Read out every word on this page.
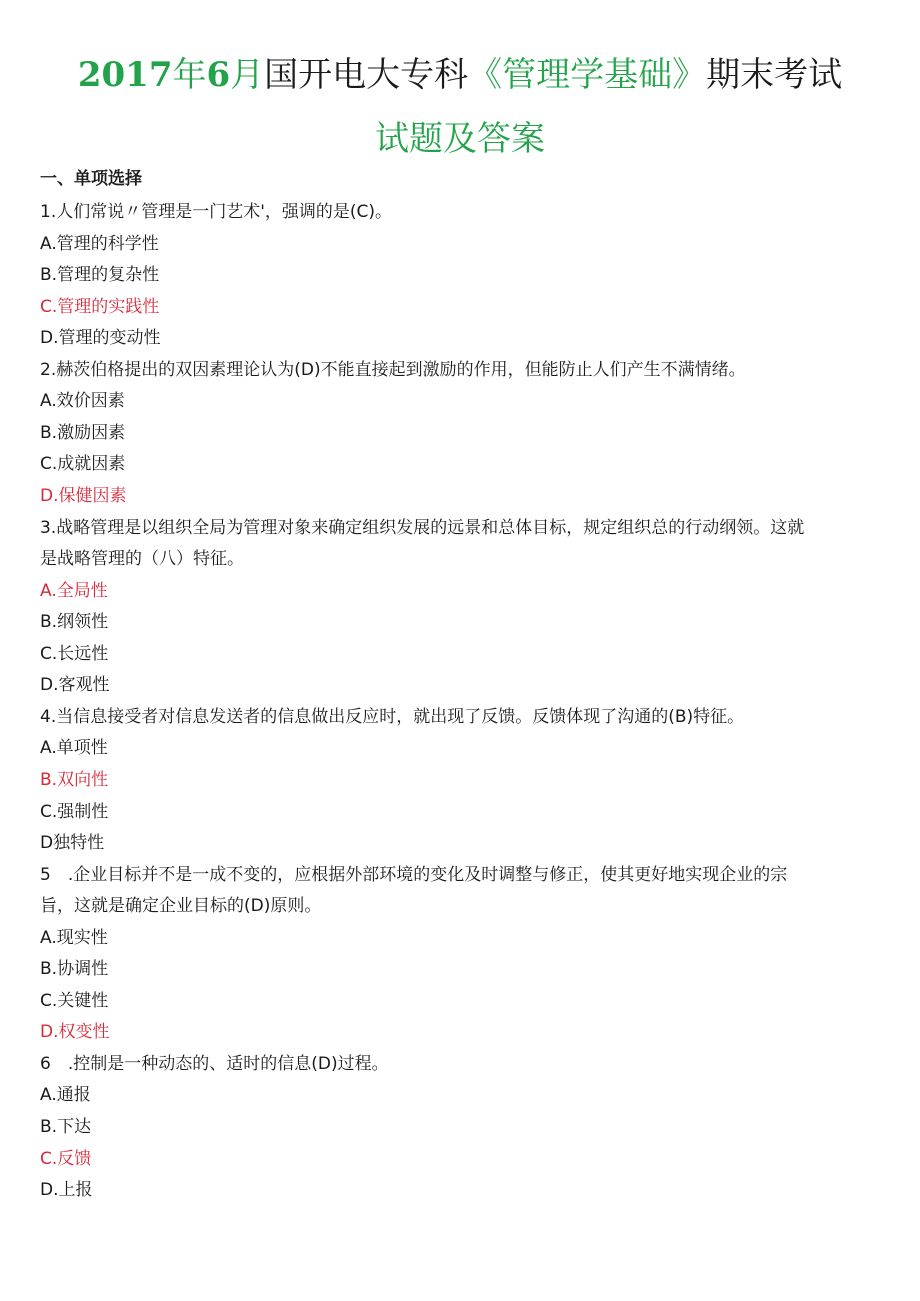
2017年6月国开电大专科《管理学基础》期末考试
试题及答案
一、单项选择
1.人们常说〃管理是一门艺术'，强调的是(C)。
A.管理的科学性
B.管理的复杂性
C.管理的实践性
D.管理的变动性
2.赫茨伯格提出的双因素理论认为(D)不能直接起到激励的作用，但能防止人们产生不满情绪。
A.效价因素
B.激励因素
C.成就因素
D.保健因素
3.战略管理是以组织全局为管理对象来确定组织发展的远景和总体目标，规定组织总的行动纲领。这就
是战略管理的（八）特征。
A.全局性
B.纲领性
C.长远性
D.客观性
4.当信息接受者对信息发送者的信息做出反应时，就出现了反馈。反馈体现了沟通的(B)特征。
A.单项性
B.双向性
C.强制性
D独特性
5　.企业目标并不是一成不变的，应根据外部环境的变化及时调整与修正，使其更好地实现企业的宗
旨，这就是确定企业目标的(D)原则。
A.现实性
B.协调性
C.关键性
D.权变性
6　.控制是一种动态的、适时的信息(D)过程。
A.通报
B.下达
C.反馈
D.上报
